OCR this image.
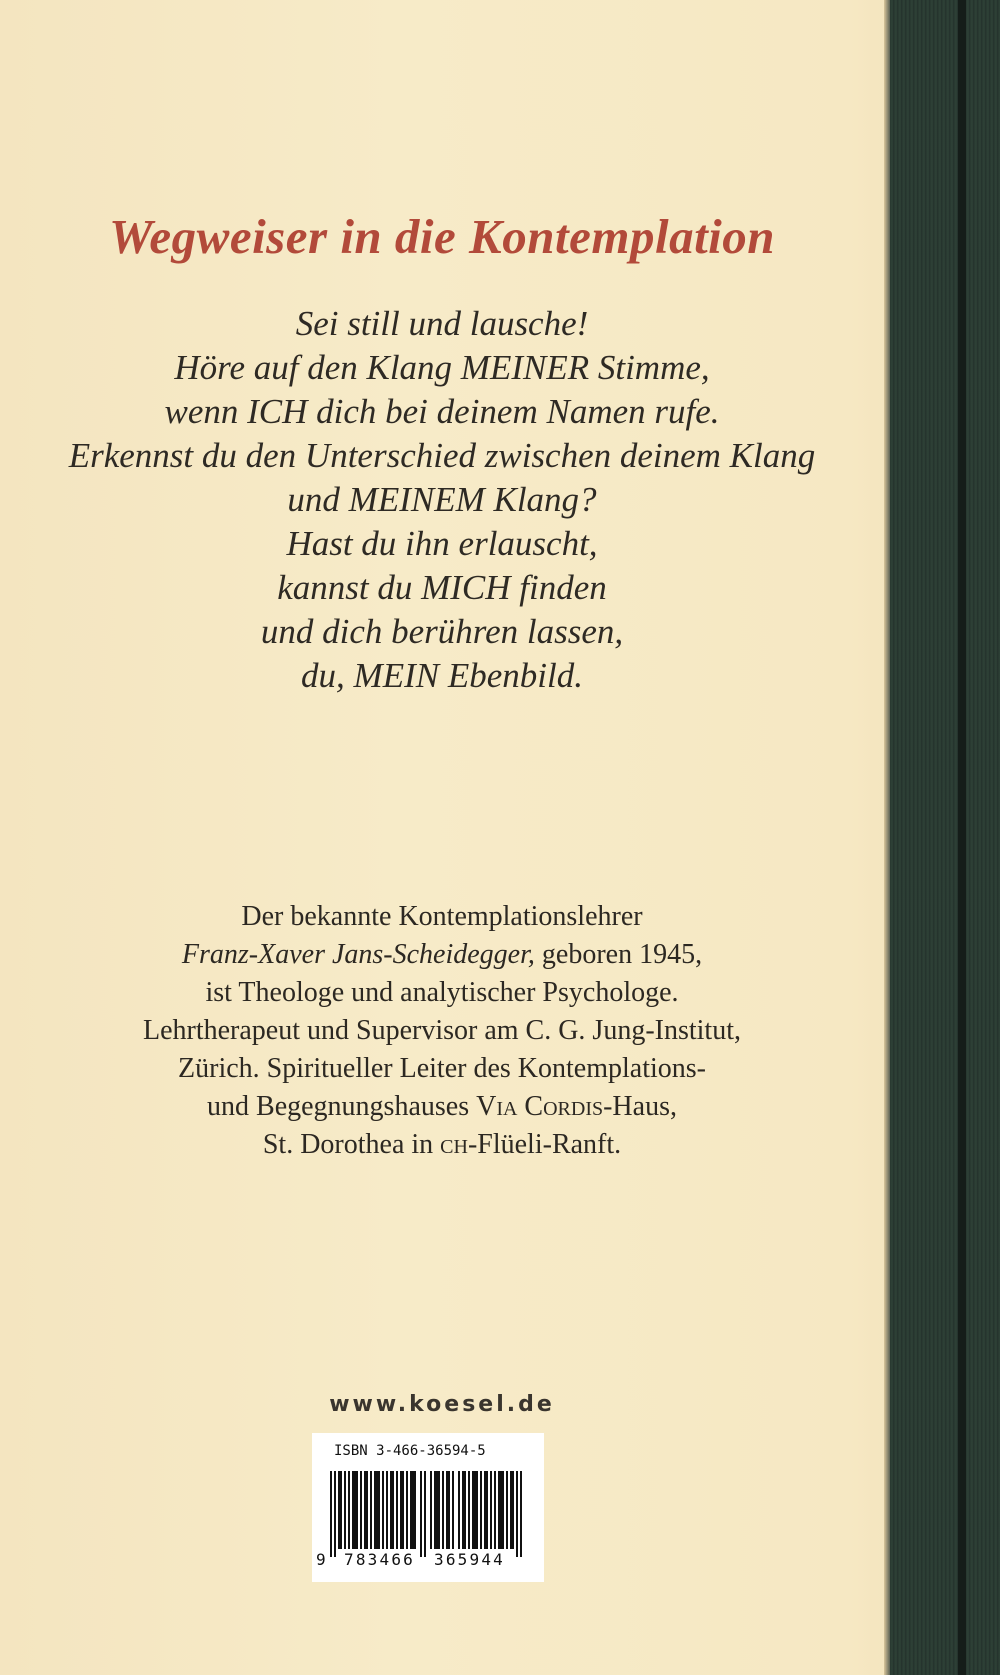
Wegweiser in die Kontemplation
Sei still und lausche!
Höre auf den Klang MEINER Stimme,
wenn ICH dich bei deinem Namen rufe.
Erkennst du den Unterschied zwischen deinem Klang
und MEINEM Klang?
Hast du ihn erlauscht,
kannst du MICH finden
und dich berühren lassen,
du, MEIN Ebenbild.
Der bekannte Kontemplationslehrer
Franz-Xaver Jans-Scheidegger, geboren 1945,
ist Theologe und analytischer Psychologe.
Lehrtherapeut und Supervisor am C. G. Jung-Institut,
Zürich. Spiritueller Leiter des Kontemplations-
und Begegnungshauses Via Cordis-Haus,
St. Dorothea in ch-Flüeli-Ranft.
www.koesel.de
ISBN 3-466-36594-5
9 783466 365944
